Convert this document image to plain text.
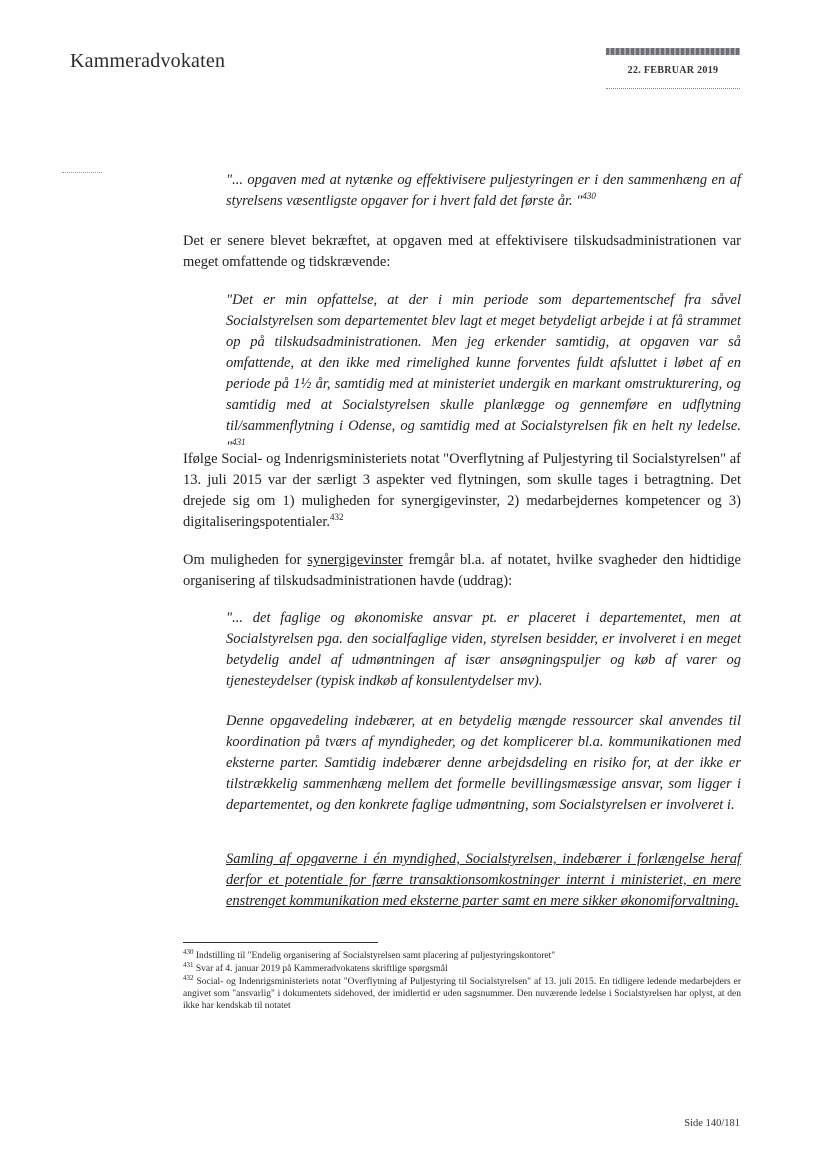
Kammeradvokaten	22. FEBRUAR 2019
"... opgaven med at nytænke og effektivisere puljestyringen er i den sammenhæng en af styrelsens væsentligste opgaver for i hvert fald det første år. "$^{430}$
Det er senere blevet bekræftet, at opgaven med at effektivisere tilskudsadministrationen var meget omfattende og tidskrævende:
"Det er min opfattelse, at der i min periode som departementschef fra såvel Socialstyrelsen som departementet blev lagt et meget betydeligt arbejde i at få strammet op på tilskudsadministrationen. Men jeg erkender samtidig, at opgaven var så omfattende, at den ikke med rimelighed kunne forventes fuldt afsluttet i løbet af en periode på 1½ år, samtidig med at ministeriet undergik en markant omstrukturering, og samtidig med at Socialstyrelsen skulle planlægge og gennemføre en udflytning til/sammenflytning i Odense, og samtidig med at Socialstyrelsen fik en helt ny ledelse. "$^{431}$
Ifølge Social- og Indenrigsministeriets notat "Overflytning af Puljestyring til Socialstyrelsen" af 13. juli 2015 var der særligt 3 aspekter ved flytningen, som skulle tages i betragtning. Det drejede sig om 1) muligheden for synergigevinster, 2) medarbejdernes kompetencer og 3) digitaliseringspotentialer.$^{432}$
Om muligheden for synergigevinster fremgår bl.a. af notatet, hvilke svagheder den hidtidige organisering af tilskudsadministrationen havde (uddrag):
"... det faglige og økonomiske ansvar pt. er placeret i departementet, men at Socialstyrelsen pga. den socialfaglige viden, styrelsen besidder, er involveret i en meget betydelig andel af udmøntningen af især ansøgningspuljer og køb af varer og tjenesteydelser (typisk indkøb af konsulentydelser mv).
Denne opgavedeling indebærer, at en betydelig mængde ressourcer skal anvendes til koordination på tværs af myndigheder, og det komplicerer bl.a. kommunikationen med eksterne parter. Samtidig indebærer denne arbejdsdeling en risiko for, at der ikke er tilstrækkelig sammenhæng mellem det formelle bevillingsmæssige ansvar, som ligger i departementet, og den konkrete faglige udmøntning, som Socialstyrelsen er involveret i.
Samling af opgaverne i én myndighed, Socialstyrelsen, indebærer i forlængelse heraf derfor et potentiale for færre transaktionsomkostninger internt i ministeriet, en mere enstrenget kommunikation med eksterne parter samt en mere sikker økonomiforvaltning.
$^{430}$ Indstilling til "Endelig organisering af Socialstyrelsen samt placering af puljestyringskontoret"
$^{431}$ Svar af 4. januar 2019 på Kammeradvokatens skriftlige spørgsmål
$^{432}$ Social- og Indenrigsministeriets notat "Overflytning af Puljestyring til Socialstyrelsen" af 13. juli 2015. En tidligere ledende medarbejders er angivet som "ansvarlig" i dokumentets sidehoved, der imidlertid er uden sagsnummer. Den nuværende ledelse i Socialstyrelsen har oplyst, at den ikke har kendskab til notatet
Side 140/181
